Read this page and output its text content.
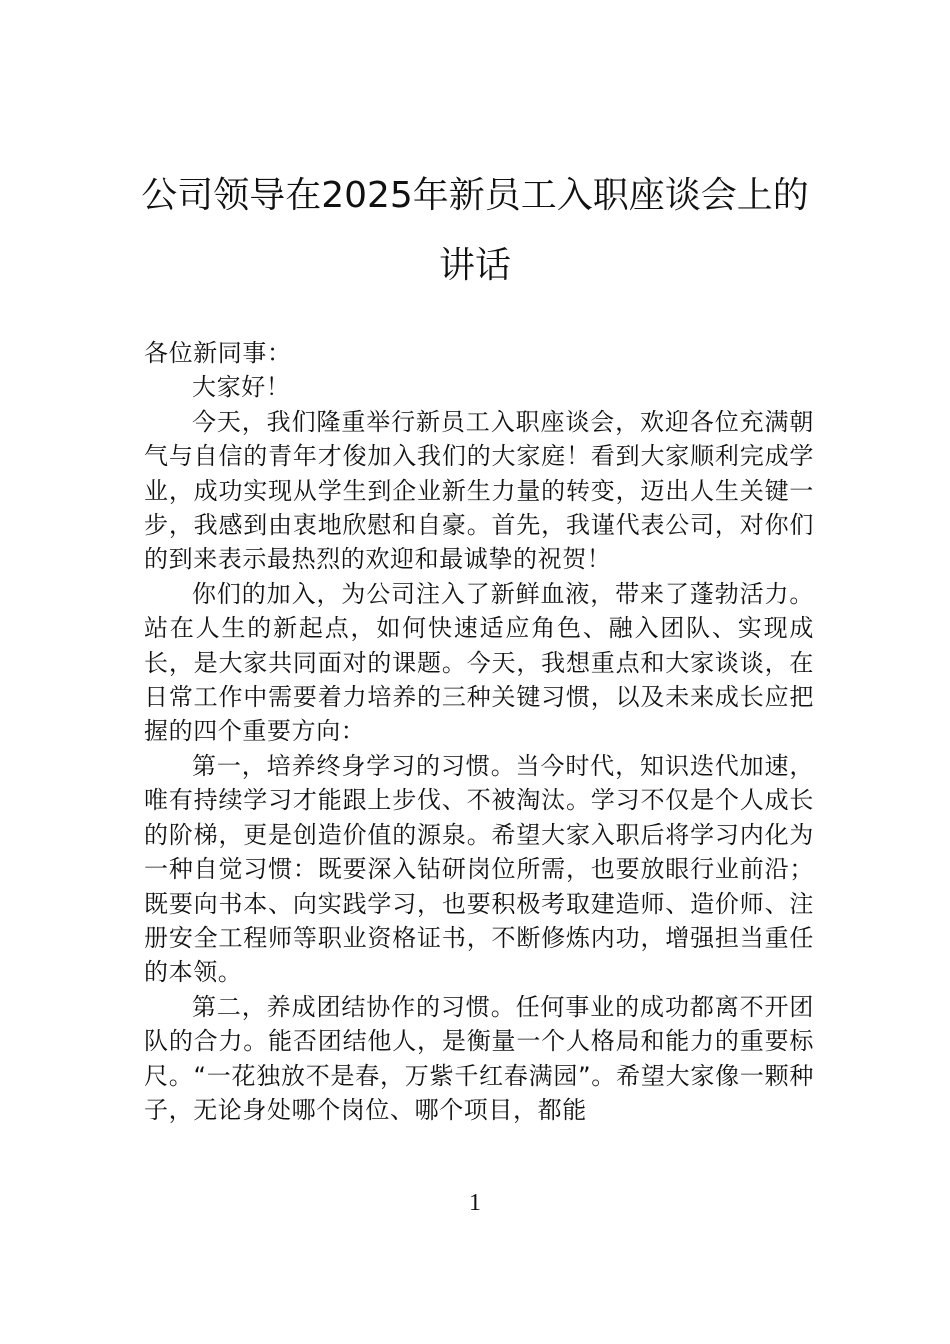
公司领导在2025年新员工入职座谈会上的
讲话

各位新同事：

大家好！

今天，我们隆重举行新员工入职座谈会，欢迎各位充满朝气与自信的青年才俊加入我们的大家庭！看到大家顺利完成学业，成功实现从学生到企业新生力量的转变，迈出人生关键一步，我感到由衷地欣慰和自豪。首先，我谨代表公司，对你们的到来表示最热烈的欢迎和最诚挚的祝贺！

你们的加入，为公司注入了新鲜血液，带来了蓬勃活力。站在人生的新起点，如何快速适应角色、融入团队、实现成长，是大家共同面对的课题。今天，我想重点和大家谈谈，在日常工作中需要着力培养的三种关键习惯，以及未来成长应把握的四个重要方向：

第一，培养终身学习的习惯。当今时代，知识迭代加速，唯有持续学习才能跟上步伐、不被淘汰。学习不仅是个人成长的阶梯，更是创造价值的源泉。希望大家入职后将学习内化为一种自觉习惯：既要深入钻研岗位所需，也要放眼行业前沿；既要向书本、向实践学习，也要积极考取建造师、造价师、注册安全工程师等职业资格证书，不断修炼内功，增强担当重任的本领。

第二，养成团结协作的习惯。任何事业的成功都离不开团队的合力。能否团结他人，是衡量一个人格局和能力的重要标尺。“一花独放不是春，万紫千红春满园”。希望大家像一颗种子，无论身处哪个岗位、哪个项目，都能

1
